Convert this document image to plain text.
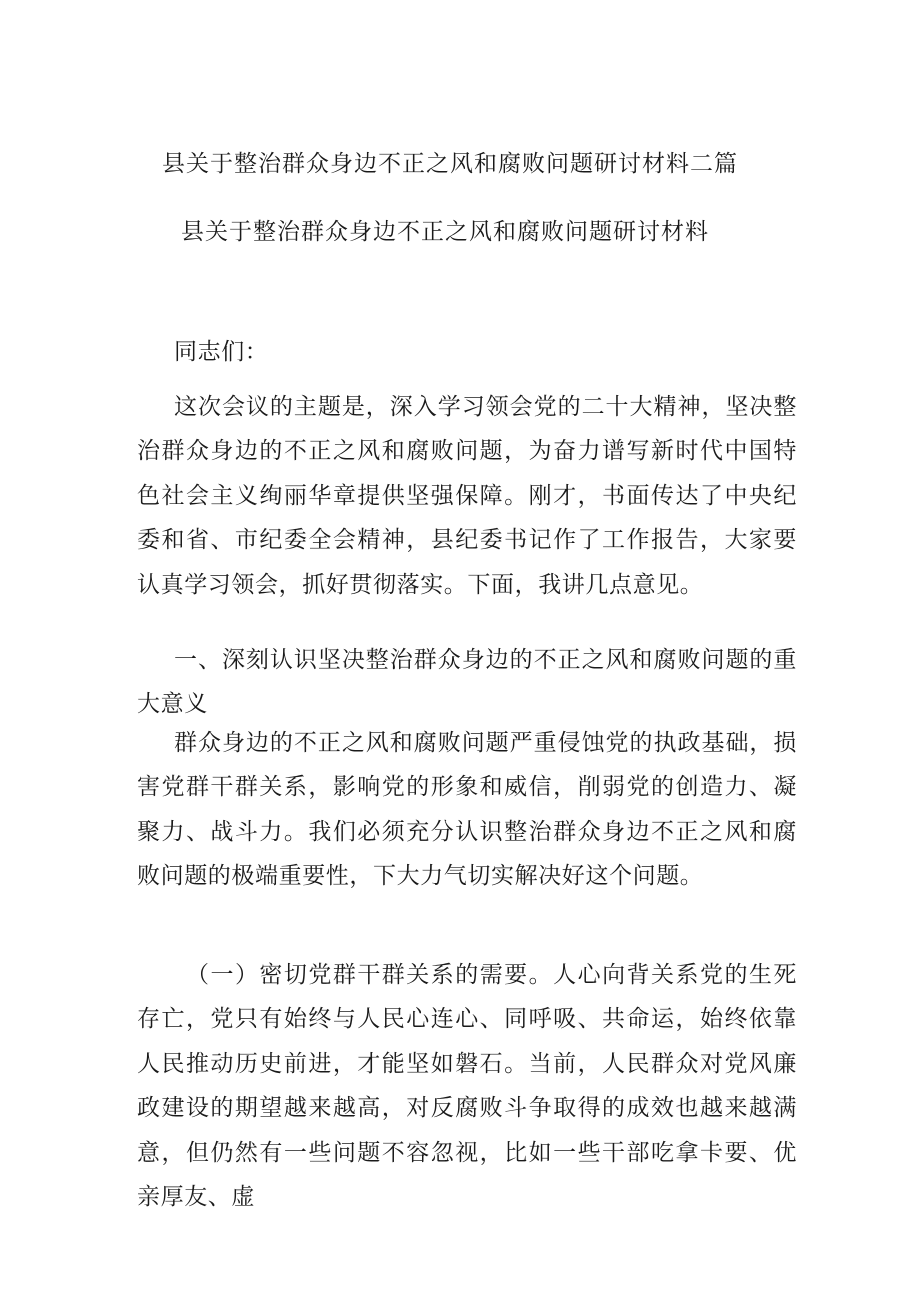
县关于整治群众身边不正之风和腐败问题研讨材料二篇
县关于整治群众身边不正之风和腐败问题研讨材料

同志们：

这次会议的主题是，深入学习领会党的二十大精神，坚决整治群众身边的不正之风和腐败问题，为奋力谱写新时代中国特色社会主义绚丽华章提供坚强保障。刚才，书面传达了中央纪委和省、市纪委全会精神，县纪委书记作了工作报告，大家要认真学习领会，抓好贯彻落实。下面，我讲几点意见。

一、深刻认识坚决整治群众身边的不正之风和腐败问题的重大意义

群众身边的不正之风和腐败问题严重侵蚀党的执政基础，损害党群干群关系，影响党的形象和威信，削弱党的创造力、凝聚力、战斗力。我们必须充分认识整治群众身边不正之风和腐败问题的极端重要性，下大力气切实解决好这个问题。

（一）密切党群干群关系的需要。人心向背关系党的生死存亡，党只有始终与人民心连心、同呼吸、共命运，始终依靠人民推动历史前进，才能坚如磐石。当前，人民群众对党风廉政建设的期望越来越高，对反腐败斗争取得的成效也越来越满意，但仍然有一些问题不容忽视，比如一些干部吃拿卡要、优亲厚友、虚
